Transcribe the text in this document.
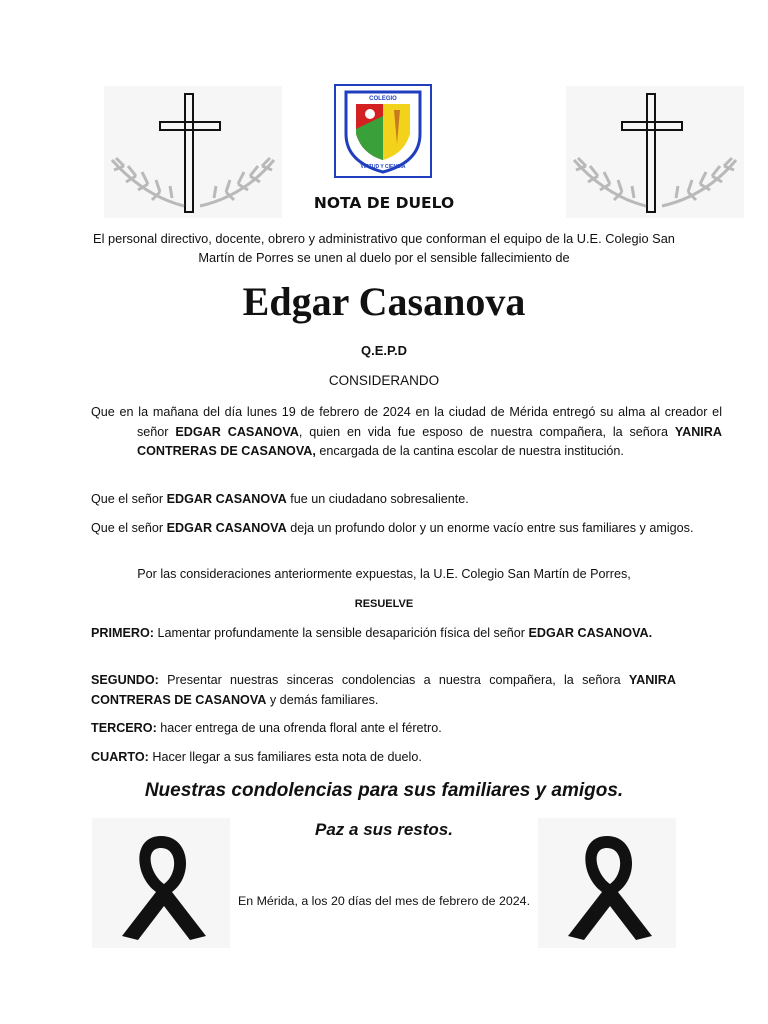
COLEGIO
VIRTUD Y CIENCIA
NOTA DE DUELO
El personal directivo, docente, obrero y administrativo que conforman el equipo de la U.E. Colegio San Martín de Porres se unen al duelo por el sensible fallecimiento de
Edgar Casanova
Q.E.P.D
CONSIDERANDO
Que en la mañana del día lunes 19 de febrero de 2024 en la ciudad de Mérida entregó su alma al creador el señor EDGAR CASANOVA, quien en vida fue esposo de nuestra compañera, la señora YANIRA CONTRERAS DE CASANOVA, encargada de la cantina escolar de nuestra institución.
Que el señor EDGAR CASANOVA fue un ciudadano sobresaliente.
Que el señor EDGAR CASANOVA deja un profundo dolor y un enorme vacío entre sus familiares y amigos.
Por las consideraciones anteriormente expuestas, la U.E. Colegio San Martín de Porres,
RESUELVE
PRIMERO: Lamentar profundamente la sensible desaparición física del señor EDGAR CASANOVA.
SEGUNDO: Presentar nuestras sinceras condolencias a nuestra compañera, la señora YANIRA CONTRERAS DE CASANOVA y demás familiares.
TERCERO: hacer entrega de una ofrenda floral ante el féretro.
CUARTO: Hacer llegar a sus familiares esta nota de duelo.
Nuestras condolencias para sus familiares y amigos.
Paz a sus restos.
En Mérida, a los 20 días del mes de febrero de 2024.
